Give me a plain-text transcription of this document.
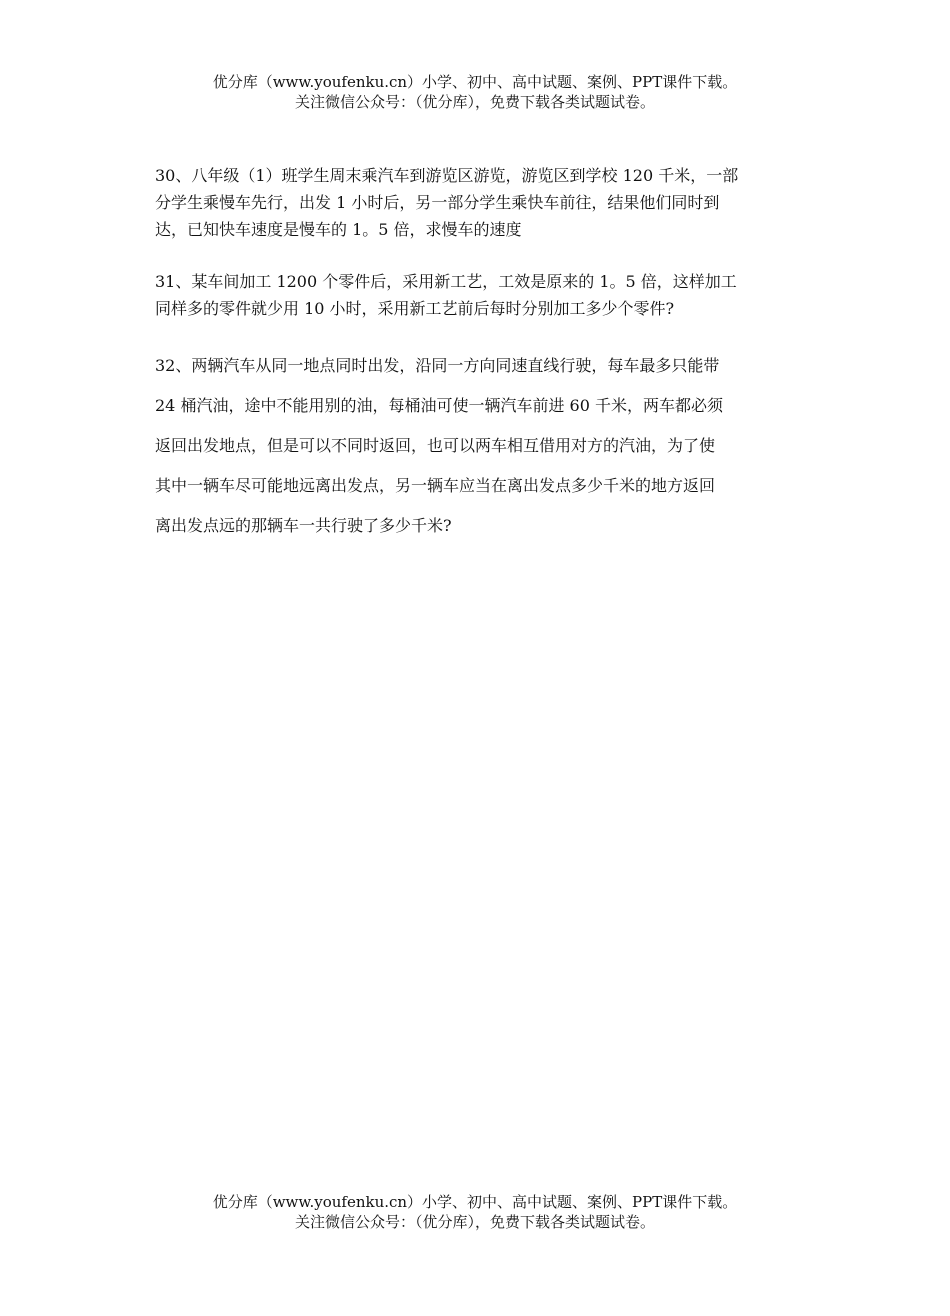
优分库（www.youfenku.cn）小学、初中、高中试题、案例、PPT课件下载。
关注微信公众号：（优分库），免费下载各类试题试卷。
30、八年级（1）班学生周末乘汽车到游览区游览，游览区到学校 120 千米，一部
分学生乘慢车先行，出发 1 小时后，另一部分学生乘快车前往，结果他们同时到
达，已知快车速度是慢车的 1。5 倍，求慢车的速度
31、某车间加工 1200 个零件后，采用新工艺，工效是原来的 1。5 倍，这样加工
同样多的零件就少用 10 小时，采用新工艺前后每时分别加工多少个零件?
32、两辆汽车从同一地点同时出发，沿同一方向同速直线行驶，每车最多只能带
24 桶汽油，途中不能用别的油，每桶油可使一辆汽车前进 60 千米，两车都必须
返回出发地点，但是可以不同时返回，也可以两车相互借用对方的汽油，为了使
其中一辆车尽可能地远离出发点，另一辆车应当在离出发点多少千米的地方返回
离出发点远的那辆车一共行驶了多少千米?
优分库（www.youfenku.cn）小学、初中、高中试题、案例、PPT课件下载。
关注微信公众号：（优分库），免费下载各类试题试卷。
